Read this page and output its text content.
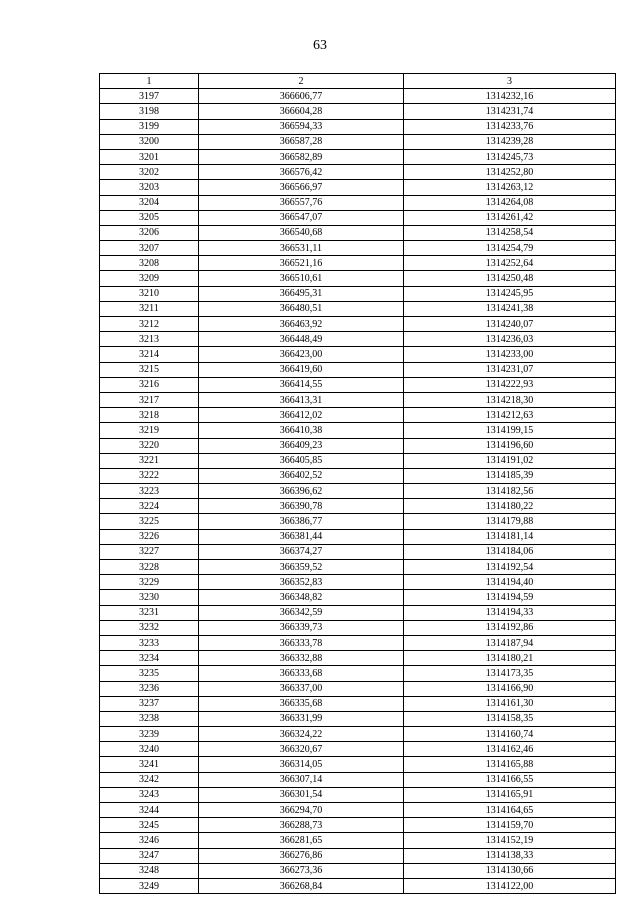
63
1	2	3
3197	366606,77	1314232,16
3198	366604,28	1314231,74
3199	366594,33	1314233,76
3200	366587,28	1314239,28
3201	366582,89	1314245,73
3202	366576,42	1314252,80
3203	366566,97	1314263,12
3204	366557,76	1314264,08
3205	366547,07	1314261,42
3206	366540,68	1314258,54
3207	366531,11	1314254,79
3208	366521,16	1314252,64
3209	366510,61	1314250,48
3210	366495,31	1314245,95
3211	366480,51	1314241,38
3212	366463,92	1314240,07
3213	366448,49	1314236,03
3214	366423,00	1314233,00
3215	366419,60	1314231,07
3216	366414,55	1314222,93
3217	366413,31	1314218,30
3218	366412,02	1314212,63
3219	366410,38	1314199,15
3220	366409,23	1314196,60
3221	366405,85	1314191,02
3222	366402,52	1314185,39
3223	366396,62	1314182,56
3224	366390,78	1314180,22
3225	366386,77	1314179,88
3226	366381,44	1314181,14
3227	366374,27	1314184,06
3228	366359,52	1314192,54
3229	366352,83	1314194,40
3230	366348,82	1314194,59
3231	366342,59	1314194,33
3232	366339,73	1314192,86
3233	366333,78	1314187,94
3234	366332,88	1314180,21
3235	366333,68	1314173,35
3236	366337,00	1314166,90
3237	366335,68	1314161,30
3238	366331,99	1314158,35
3239	366324,22	1314160,74
3240	366320,67	1314162,46
3241	366314,05	1314165,88
3242	366307,14	1314166,55
3243	366301,54	1314165,91
3244	366294,70	1314164,65
3245	366288,73	1314159,70
3246	366281,65	1314152,19
3247	366276,86	1314138,33
3248	366273,36	1314130,66
3249	366268,84	1314122,00
